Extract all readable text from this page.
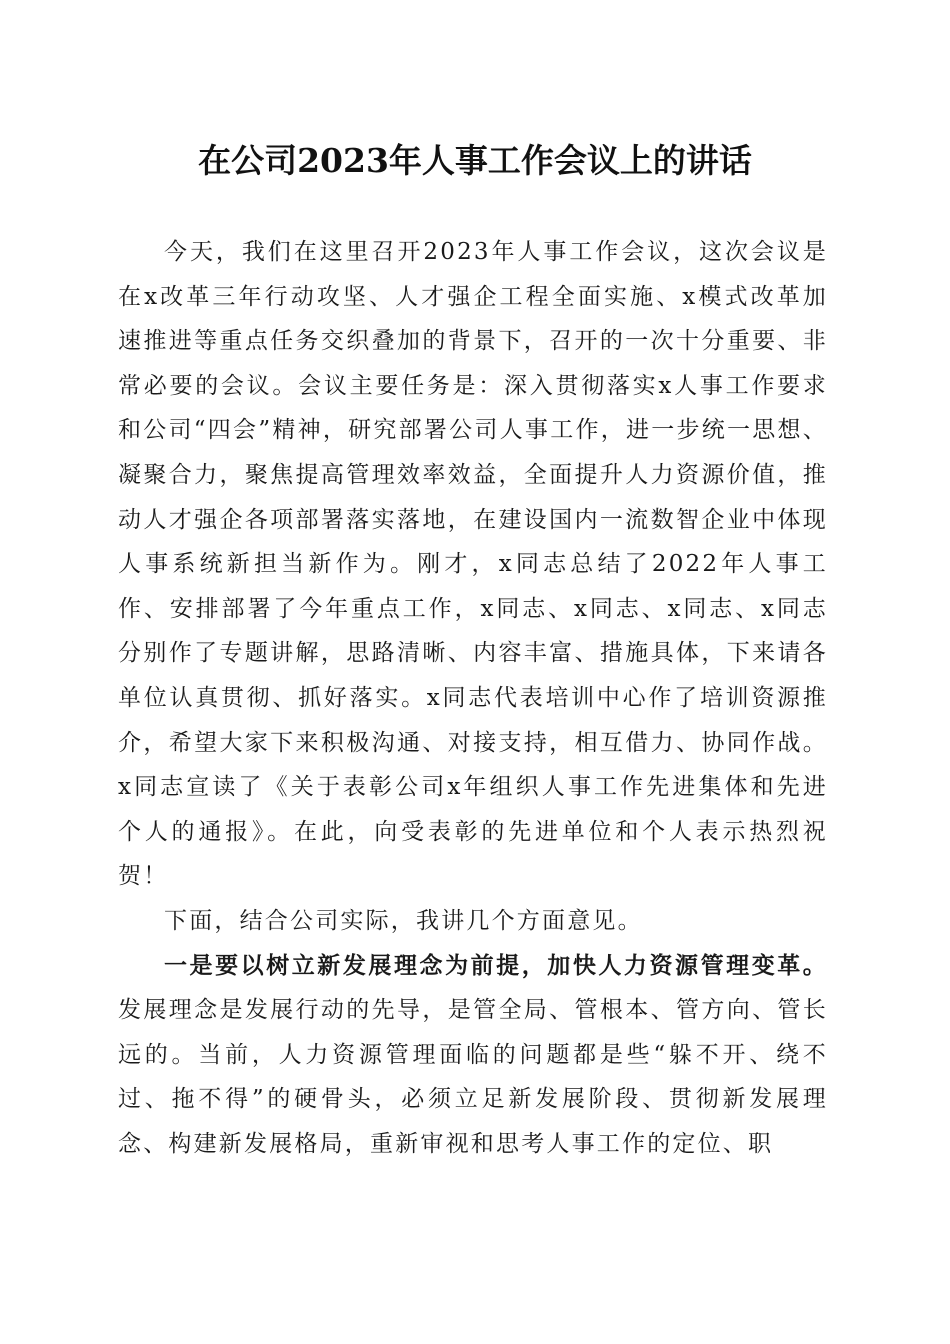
在公司2023年人事工作会议上的讲话

今天，我们在这里召开2023年人事工作会议，这次会议是在x改革三年行动攻坚、人才强企工程全面实施、x模式改革加速推进等重点任务交织叠加的背景下，召开的一次十分重要、非常必要的会议。会议主要任务是：深入贯彻落实x人事工作要求和公司“四会”精神，研究部署公司人事工作，进一步统一思想、凝聚合力，聚焦提高管理效率效益，全面提升人力资源价值，推动人才强企各项部署落实落地，在建设国内一流数智企业中体现人事系统新担当新作为。刚才，x同志总结了2022年人事工作、安排部署了今年重点工作，x同志、x同志、x同志、x同志分别作了专题讲解，思路清晰、内容丰富、措施具体，下来请各单位认真贯彻、抓好落实。x同志代表培训中心作了培训资源推介，希望大家下来积极沟通、对接支持，相互借力、协同作战。x同志宣读了《关于表彰公司x年组织人事工作先进集体和先进个人的通报》。在此，向受表彰的先进单位和个人表示热烈祝贺！

下面，结合公司实际，我讲几个方面意见。

一是要以树立新发展理念为前提，加快人力资源管理变革。发展理念是发展行动的先导，是管全局、管根本、管方向、管长远的。当前，人力资源管理面临的问题都是些“躲不开、绕不过、拖不得”的硬骨头，必须立足新发展阶段、贯彻新发展理念、构建新发展格局，重新审视和思考人事工作的定位、职
